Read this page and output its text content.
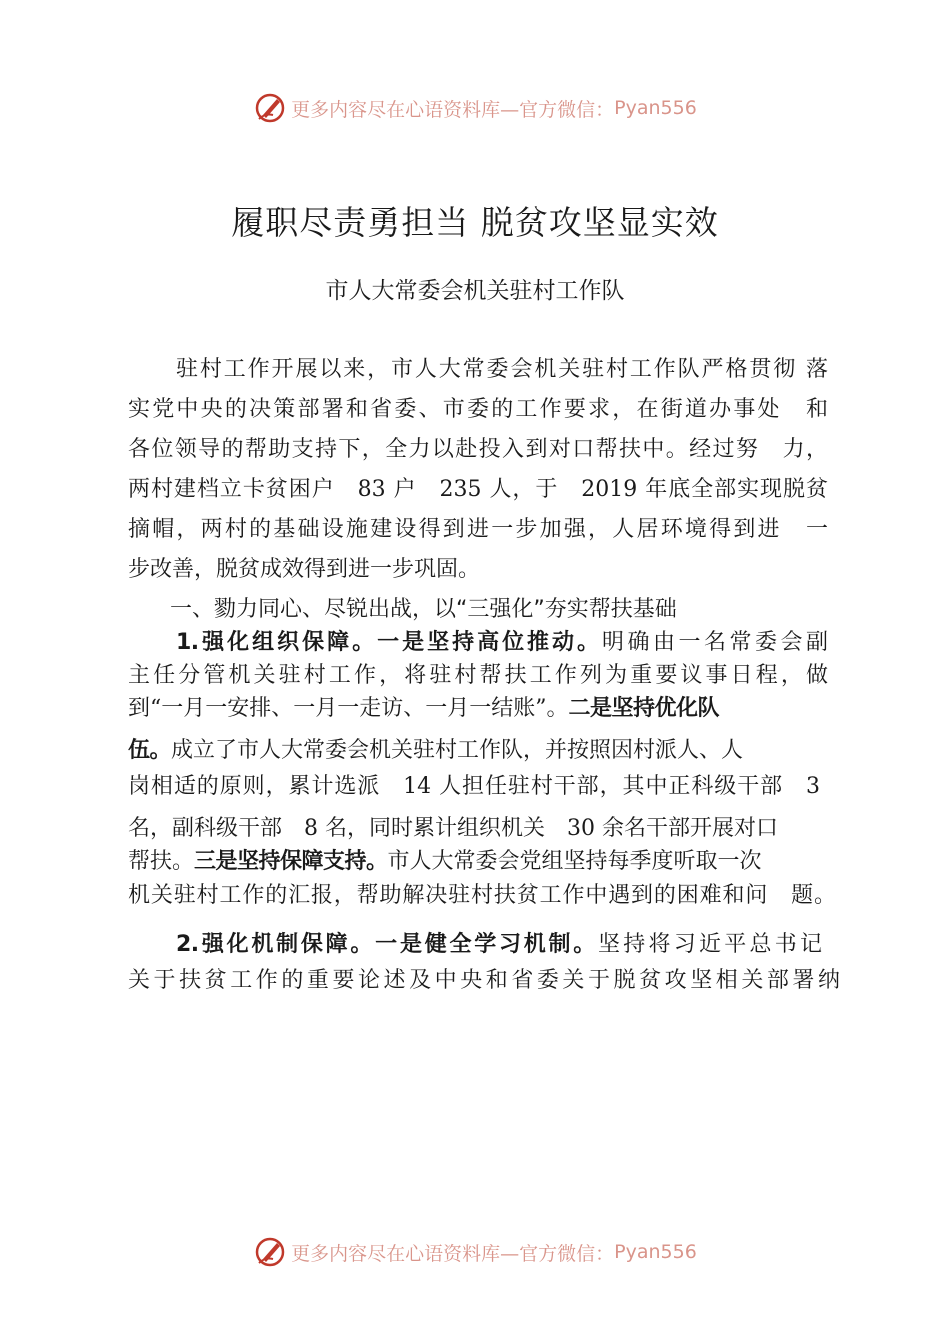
更多内容尽在心语资料库—官方微信： Pyan556
履职尽责勇担当 脱贫攻坚显实效

市人大常委会机关驻村工作队

驻村工作开展以来，市人大常委会机关驻村工作队严格贯彻 落

实党中央的决策部署和省委、市委的工作要求，在街道办事处　和

各位领导的帮助支持下，全力以赴投入到对口帮扶中。经过努　力，

两村建档立卡贫困户　83 户　235 人，于　2019 年底全部实现脱贫

摘帽，两村的基础设施建设得到进一步加强，人居环境得到进　一

步改善，脱贫成效得到进一步巩固。

一、勠力同心、尽锐出战，以“三强化”夯实帮扶基础

1.强化组织保障。一是坚持高位推动。明确由一名常委会副

主任分管机关驻村工作，将驻村帮扶工作列为重要议事日程，做

到“一月一安排、一月一走访、一月一结账”。二是坚持优化队

伍。成立了市人大常委会机关驻村工作队，并按照因村派人、人

岗相适的原则，累计选派　14 人担任驻村干部，其中正科级干部　3

名，副科级干部　8 名，同时累计组织机关　30 余名干部开展对口

帮扶。三是坚持保障支持。市人大常委会党组坚持每季度听取一次

机关驻村工作的汇报，帮助解决驻村扶贫工作中遇到的困难和问　题。

2.强化机制保障。一是健全学习机制。坚持将习近平总书记

关于扶贫工作的重要论述及中央和省委关于脱贫攻坚相关部署纳

更多内容尽在心语资料库—官方微信： Pyan556
